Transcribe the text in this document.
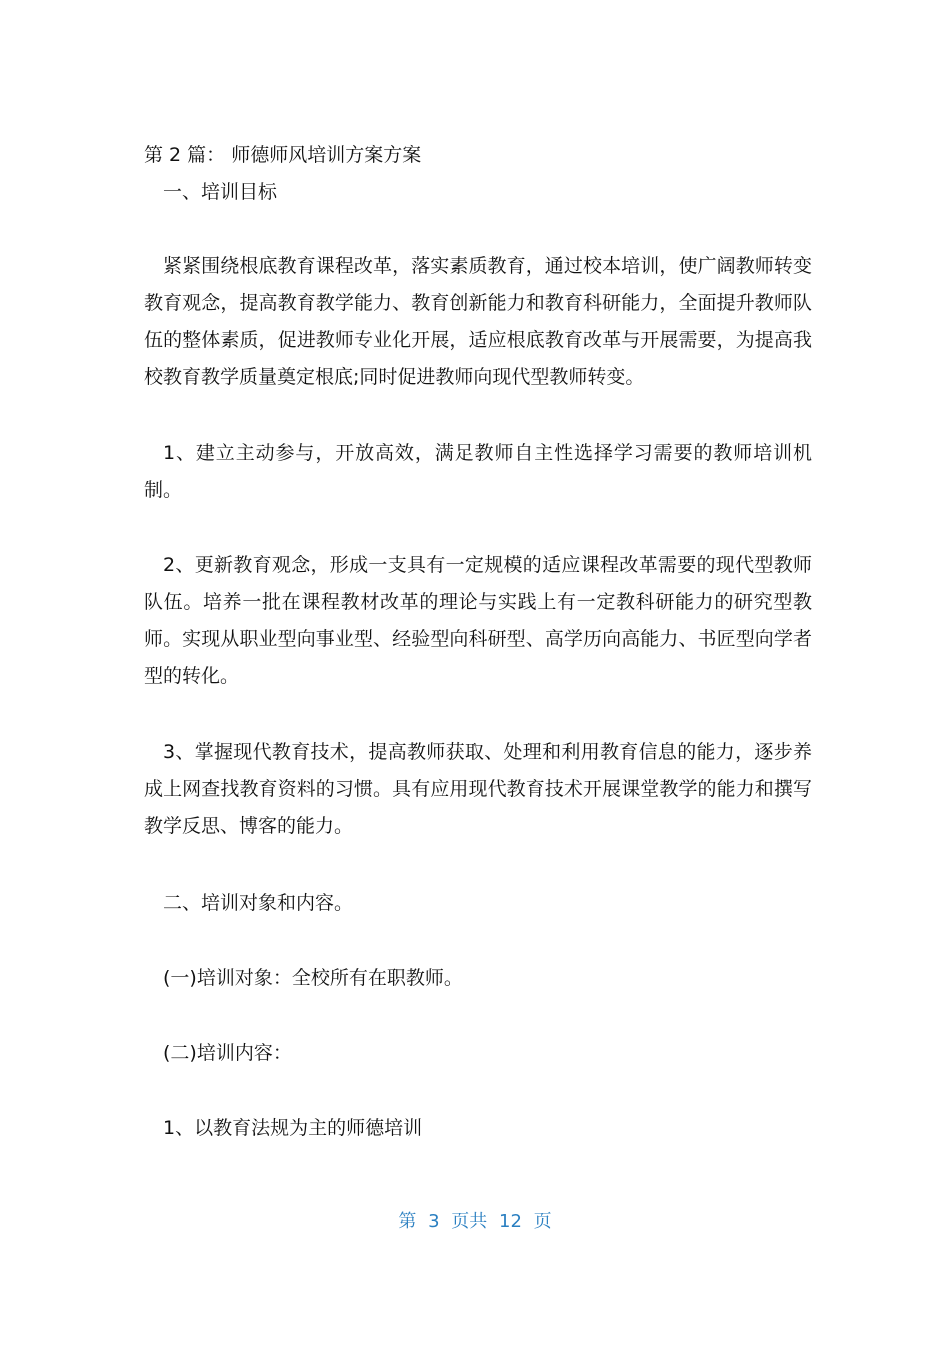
第 2 篇： 师德师风培训方案方案
一、培训目标
紧紧围绕根底教育课程改革，落实素质教育，通过校本培训，使广阔教师转变教育观念，提高教育教学能力、教育创新能力和教育科研能力，全面提升教师队伍的整体素质，促进教师专业化开展，适应根底教育改革与开展需要，为提高我校教育教学质量奠定根底;同时促进教师向现代型教师转变。
1、建立主动参与，开放高效，满足教师自主性选择学习需要的教师培训机制。
2、更新教育观念，形成一支具有一定规模的适应课程改革需要的现代型教师队伍。培养一批在课程教材改革的理论与实践上有一定教科研能力的研究型教师。实现从职业型向事业型、经验型向科研型、高学历向高能力、书匠型向学者型的转化。
3、掌握现代教育技术，提高教师获取、处理和利用教育信息的能力，逐步养成上网查找教育资料的习惯。具有应用现代教育技术开展课堂教学的能力和撰写教学反思、博客的能力。
二、培训对象和内容。
(一)培训对象：全校所有在职教师。
(二)培训内容：
1、以教育法规为主的师德培训
第 3 页共 12 页
